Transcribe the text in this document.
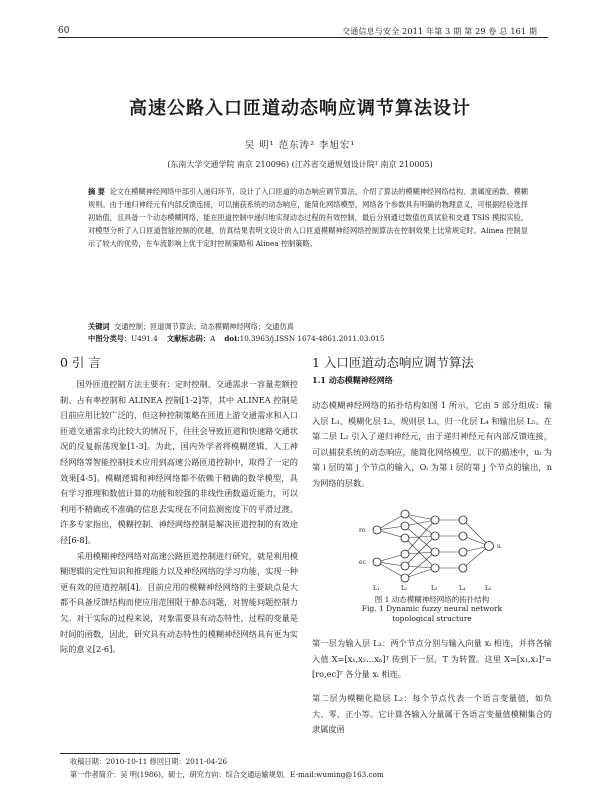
60	交通信息与安全 2011 年第 3 期 第 29 卷 总 161 期
高速公路入口匝道动态响应调节算法设计
吴 明¹ 范东涛² 李旭宏¹
(东南大学交通学院 南京 210096) (江苏省交通规划设计院¹ 南京 210005)
摘 要 论文在模糊神经网络中部引入递归环节，设计了入口匝道的动态响应调节算法，介绍了算法的模糊神经网络结构、隶属度函数、模糊规则。由于递归神经元有内部反馈连接，可以捕获系统的动态响应，能简化网络模型，网络各个参数具有明确的物理意义，可根据经验选择初始值，且具备一个动态模糊网络，能在匝道控制中递归地实现动态过程的有效控制，最后分别通过数值仿真试验和交通 TSIS 模拟实验，对模型分析了入口匝道智能控制的优越，仿真结果表明文设计的入口匝道模糊神经网络控制算法在控制效果上比常规定时、Alinea 控制显示了较大的优势，在车流影响上优于定时控制策略和 Alinea 控制策略。
关键词 交通控制；匝道调节算法；动态模糊神经网络；交通仿真
中图分类号：U491.4 文献标志码：A doi:10.3963/j.ISSN 1674-4861.2011.03.015
0 引 言	1 入口匝道动态响应调节算法

国外匝道控制方法主要有：定时控制、交通需求一容量差额控制、占有率控制和 ALINEA 控制[1-2]等，其中 ALINEA 控制是目前应用比较广泛的，但这种控制策略在匝道上游交通需求和入口匝道交通需求均比较大的情况下，往往会导致匝道和快速路交通状况的反复振荡现象[1-3]。为此，国内外学者将模糊逻辑、人工神经网络等智能控制技术应用到高速公路匝道控制中，取得了一定的效果[4-5]。模糊逻辑和神经网络都不依赖于精确的数学模型，具有学习推理和数值计算的功能和较强的非线性函数逼近能力，可以利用不精确或不准确的信息去实现在不同监测密度下的平滑过渡。许多专家指出，模糊控制、神经网络控制是解决匝道控制的有效途径[6-8]。

采用模糊神经网络对高速公路匝道控制进行研究，就是利用模糊逻辑的定性知识和推理能力以及神经网络的学习功能，实现一种更有效的匝道控制[4]。目前应用的模糊神经网络的主要缺点是大都不具备反馈结构而使应用范围限于静态问题，对智能问题控制力欠。对于实际的过程来说，对象需要具有动态特性，过程的变量是时间的函数，因此，研究具有动态特性的模糊神经网络具有更为实际的意义[2-6]。

1.1 动态模糊神经网络

动态模糊神经网络的拓扑结构如图 1 所示，它由 5 部分组成：输入层 L₁、模糊化层 L₂、规则层 L₃、归一化层 L₄ 和输出层 L₅。在第二层 L₂ 引入了递归神经元，由于递归神经元有内部反馈连接，可以捕获系统的动态响应，能简化网络模型。以下的描述中，uᵢ 为第 i 层的第 j 个节点的输入，Oᵢ 为第 i 层的第 j 个节点的输出，n 为网络的层数。

ro
ec
u
L₁	L₂	L₃	L₄	L₅
图 1 动态模糊神经网络的拓扑结构
Fig. 1 Dynamic fuzzy neural network
topological structure

第一层为输入层 L₁：两个节点分别与输入向量 xᵢ 相连，并将各输入值 X=[x₁,x₂…xₙ]ᵀ 传到下一层，T 为转置。这里 X=[x₁,x₂]ᵀ=[ro,ec]ᵀ 各分量 xᵢ 相连。

第二层为模糊化隐层 L₂：每个节点代表一个语言变量值，如负大、零、正小等。它计算各输入分量属于各语言变量值模糊集合的隶属度函

收稿日期：2010-10-11 修回日期：2011-04-26
第一作者简介：吴 明(1986)，硕士，研究方向：综合交通运输规划．E-mail:wuming@163.com
